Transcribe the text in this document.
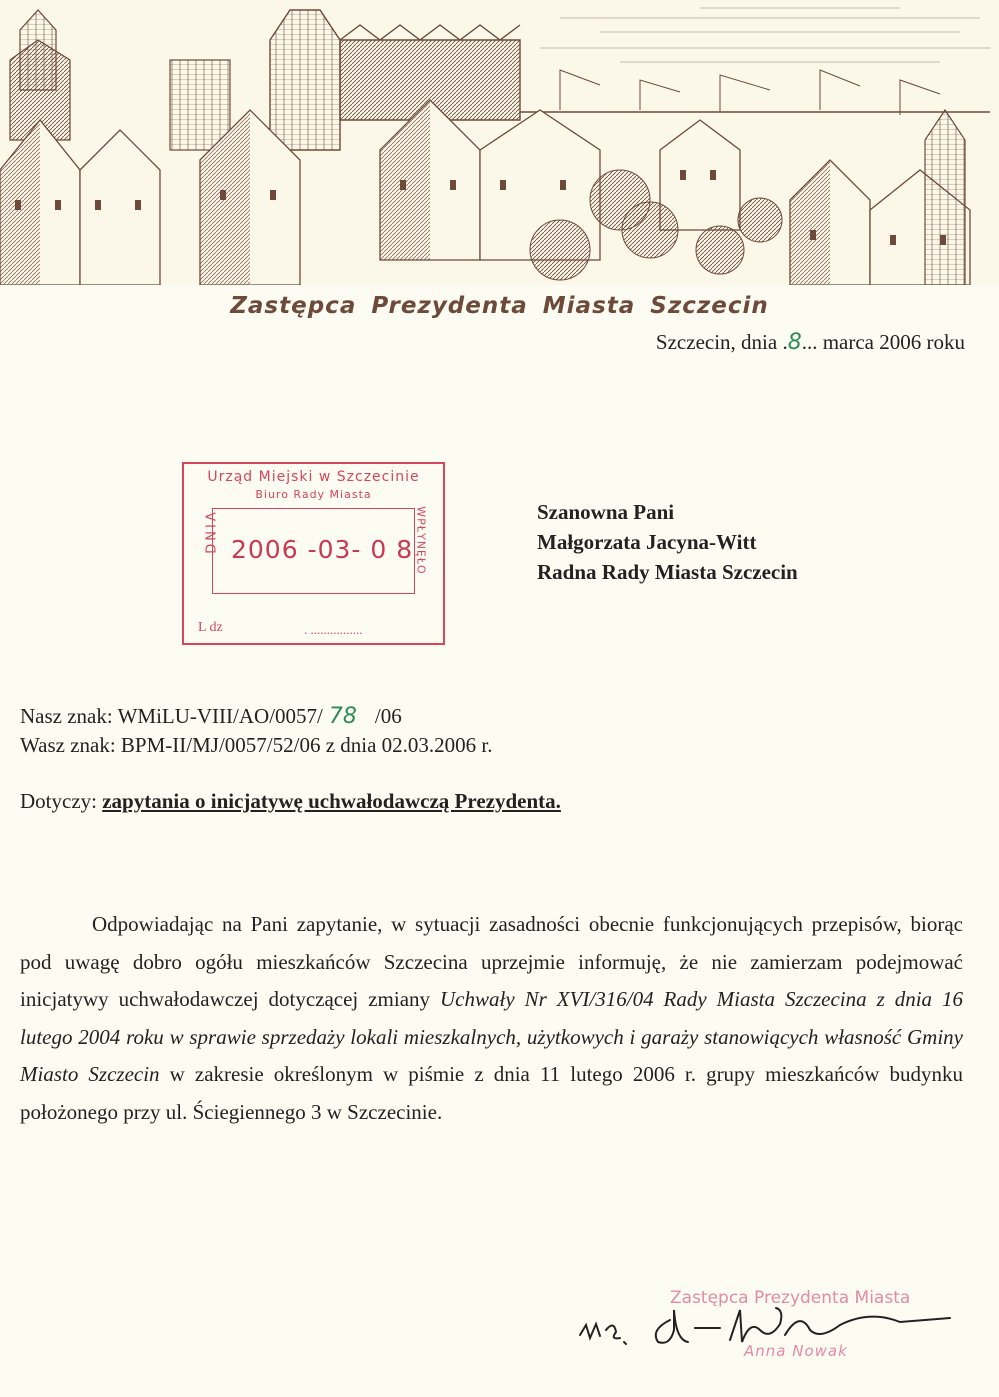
Zastępca Prezydenta Miasta Szczecin
Szczecin, dnia .8... marca 2006 roku
Urząd Miejski w Szczecinie
Biuro Rady Miasta
2006 -03- 0 8
DNIA	WPŁYNĘŁO
L dz	. ................
Szanowna Pani
Małgorzata Jacyna-Witt
Radna Rady Miasta Szczecin
Nasz znak: WMiLU-VIII/AO/0057/ 78 /06
Wasz znak: BPM-II/MJ/0057/52/06 z dnia 02.03.2006 r.
Dotyczy: zapytania o inicjatywę uchwałodawczą Prezydenta.
Odpowiadając na Pani zapytanie, w sytuacji zasadności obecnie funkcjonujących przepisów, biorąc pod uwagę dobro ogółu mieszkańców Szczecina uprzejmie informuję, że nie zamierzam podejmować inicjatywy uchwałodawczej dotyczącej zmiany Uchwały Nr XVI/316/04 Rady Miasta Szczecina z dnia 16 lutego 2004 roku w sprawie sprzedaży lokali mieszkalnych, użytkowych i garaży stanowiących własność Gminy Miasto Szczecin w zakresie określonym w piśmie z dnia 11 lutego 2006 r. grupy mieszkańców budynku położonego przy ul. Ściegiennego 3 w Szczecinie.
Zastępca Prezydenta Miasta
Anna Nowak
